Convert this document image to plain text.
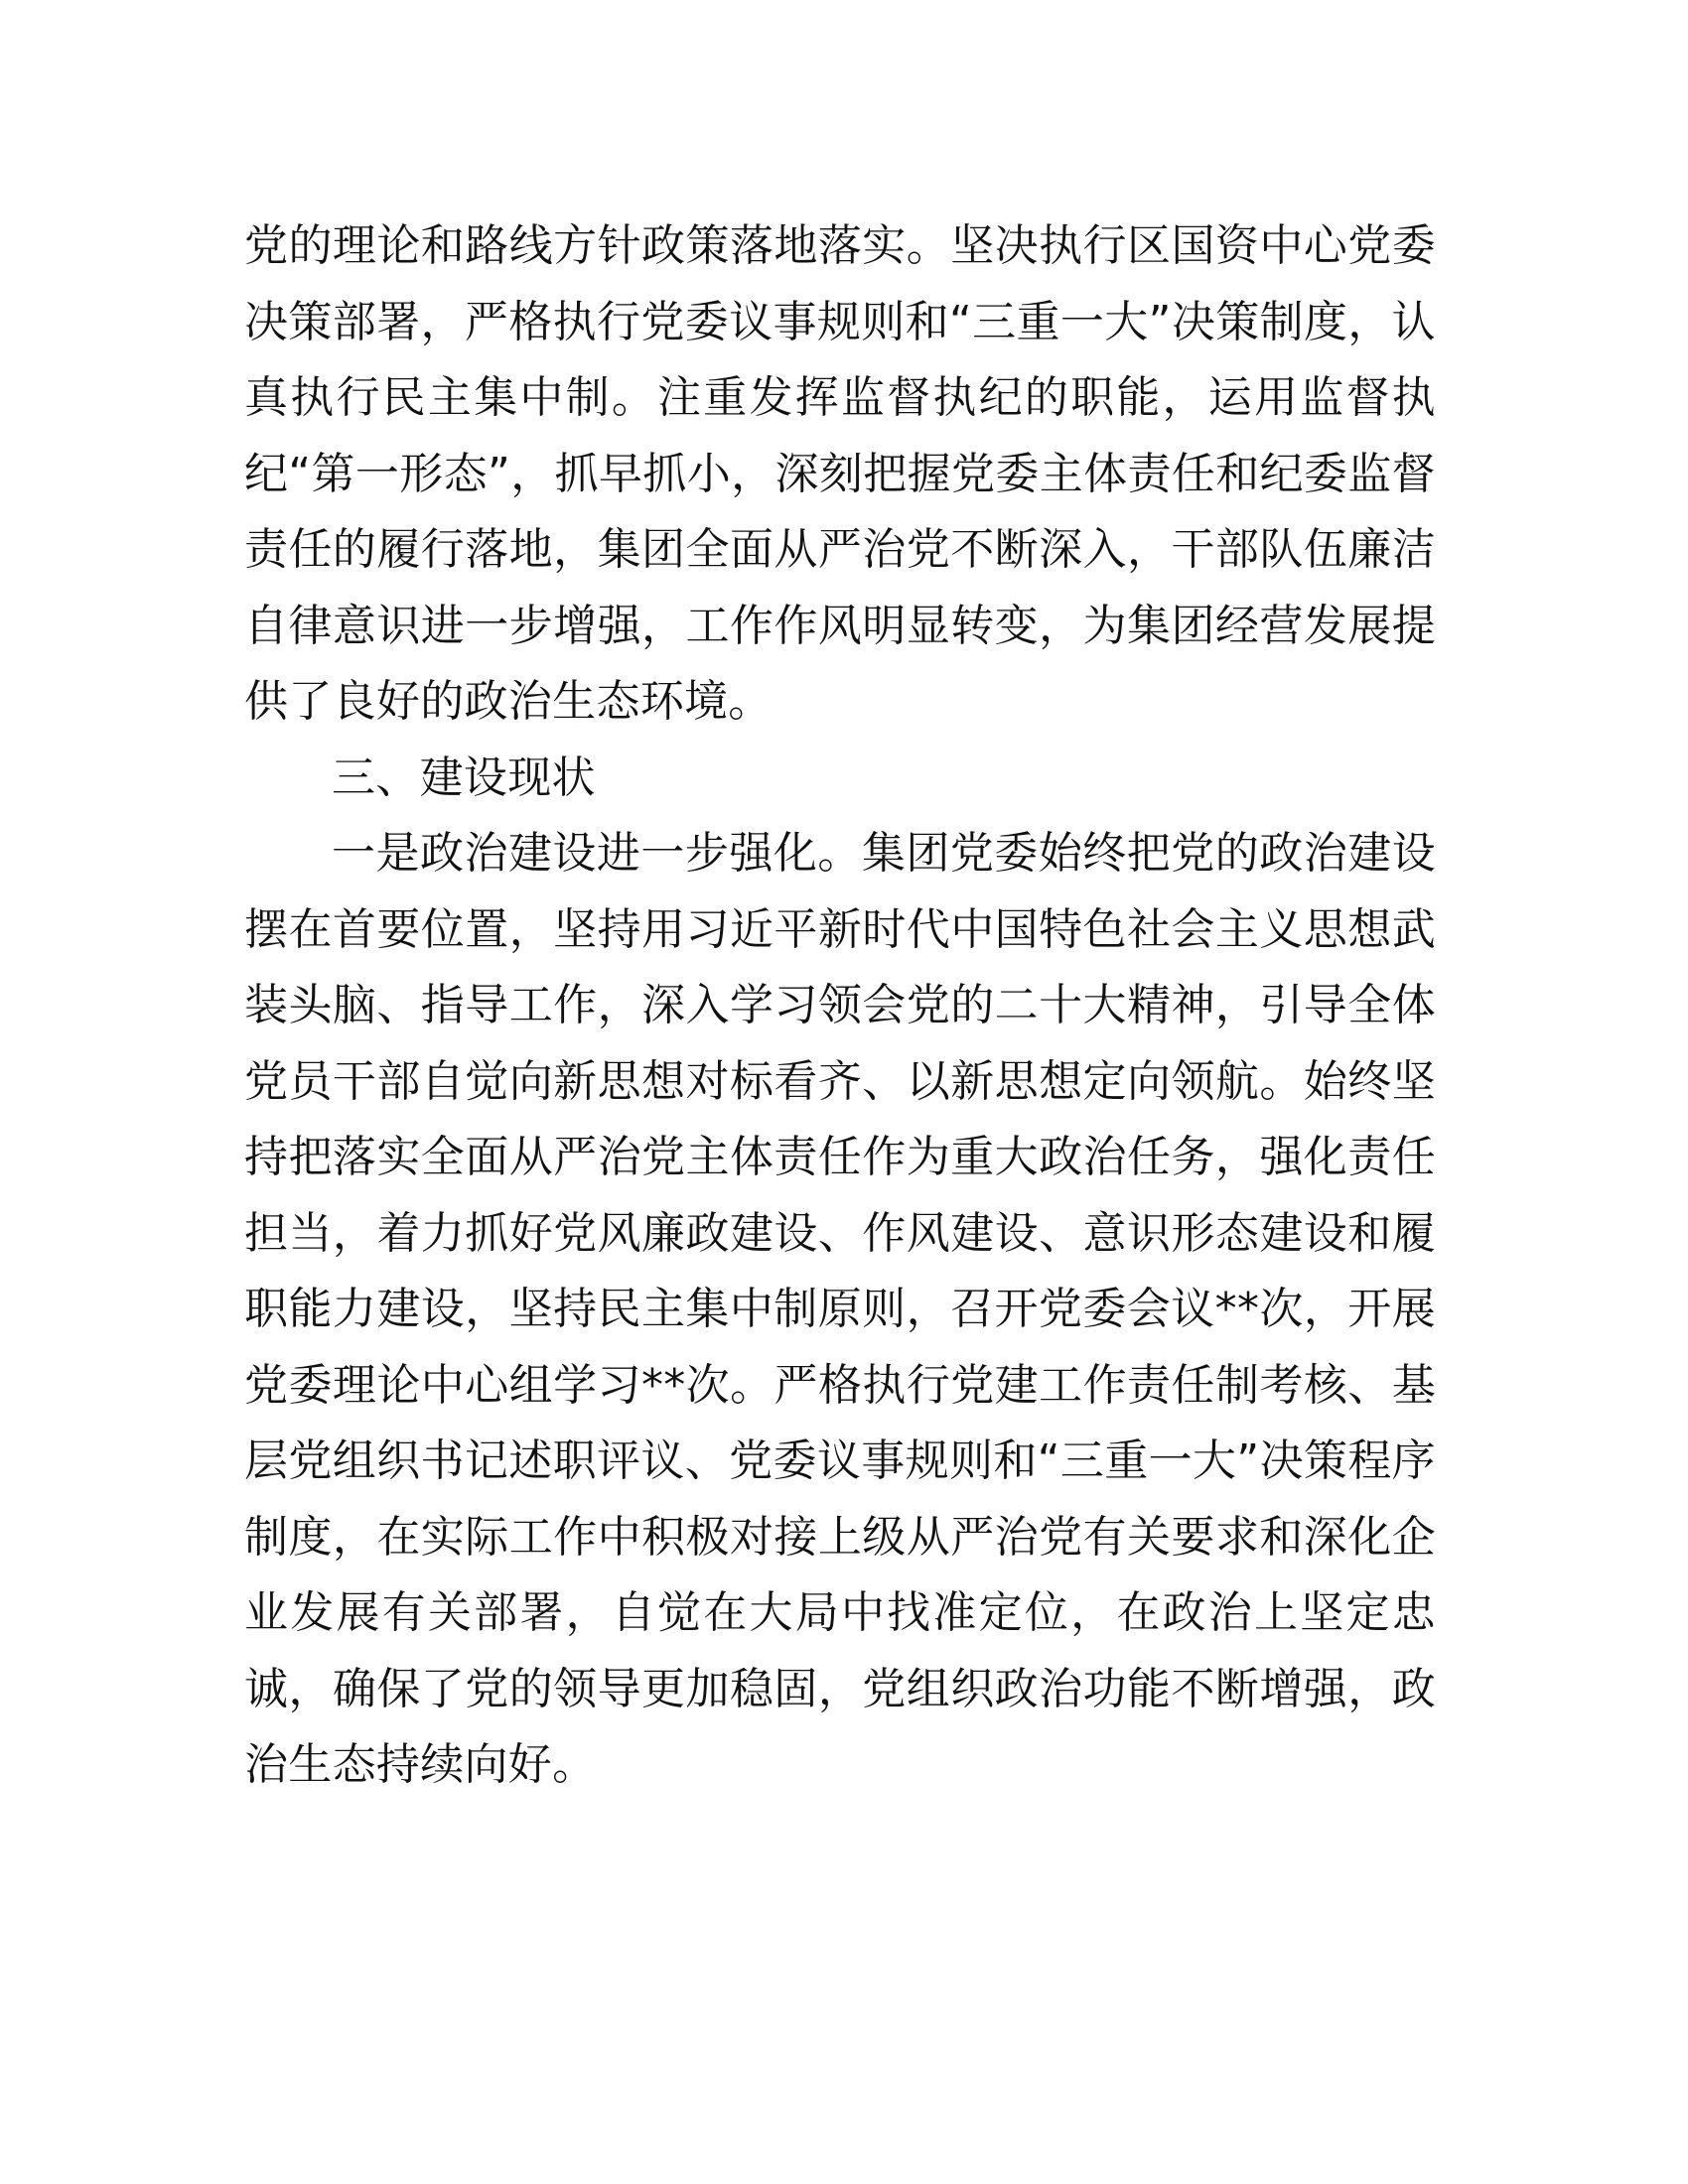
党的理论和路线方针政策落地落实。坚决执行区国资中心党委决策部署，严格执行党委议事规则和“三重一大”决策制度，认真执行民主集中制。注重发挥监督执纪的职能，运用监督执纪“第一形态”，抓早抓小，深刻把握党委主体责任和纪委监督责任的履行落地，集团全面从严治党不断深入，干部队伍廉洁自律意识进一步增强，工作作风明显转变，为集团经营发展提供了良好的政治生态环境。

三、建设现状

一是政治建设进一步强化。集团党委始终把党的政治建设摆在首要位置，坚持用习近平新时代中国特色社会主义思想武装头脑、指导工作，深入学习领会党的二十大精神，引导全体党员干部自觉向新思想对标看齐、以新思想定向领航。始终坚持把落实全面从严治党主体责任作为重大政治任务，强化责任担当，着力抓好党风廉政建设、作风建设、意识形态建设和履职能力建设，坚持民主集中制原则，召开党委会议**次，开展党委理论中心组学习**次。严格执行党建工作责任制考核、基层党组织书记述职评议、党委议事规则和“三重一大”决策程序制度，在实际工作中积极对接上级从严治党有关要求和深化企业发展有关部署，自觉在大局中找准定位，在政治上坚定忠诚，确保了党的领导更加稳固，党组织政治功能不断增强，政治生态持续向好。
